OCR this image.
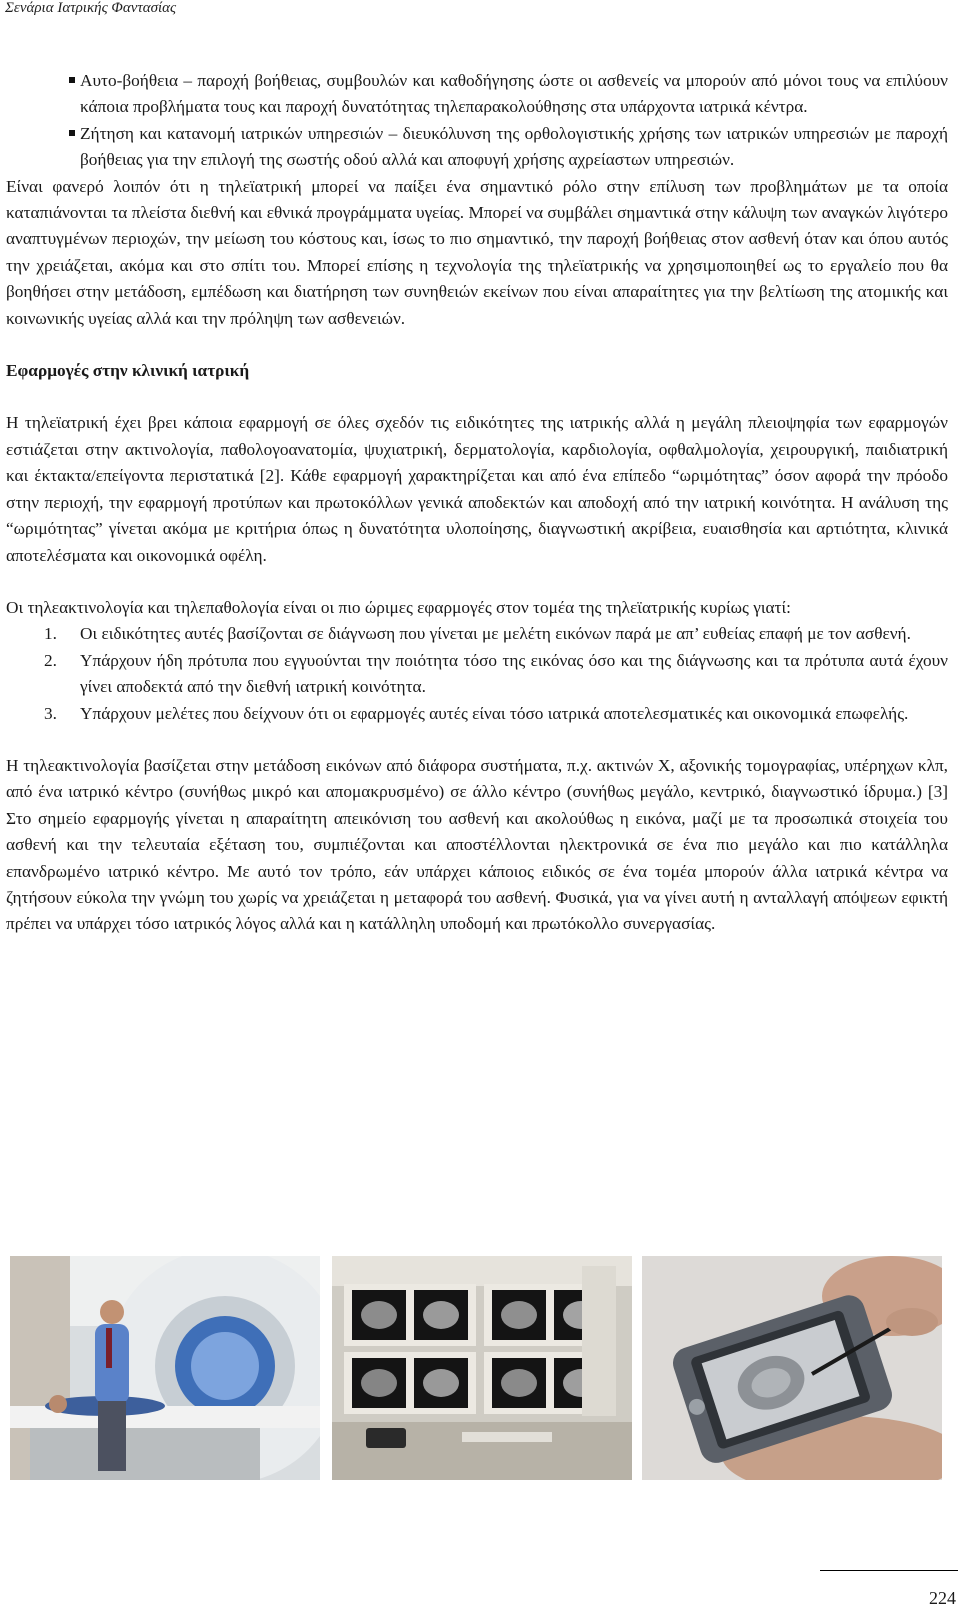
Σενάρια Ιατρικής Φαντασίας
Αυτο-βοήθεια – παροχή βοήθειας, συμβουλών και καθοδήγησης ώστε οι ασθενείς να μπορούν από μόνοι τους να επιλύουν κάποια προβλήματα τους και παροχή δυνατότητας τηλεπαρακολούθησης στα υπάρχοντα ιατρικά κέντρα.
Ζήτηση και κατανομή ιατρικών υπηρεσιών – διευκόλυνση της ορθολογιστικής χρήσης των ιατρικών υπηρεσιών με παροχή βοήθειας για την επιλογή της σωστής οδού αλλά και αποφυγή χρήσης αχρείαστων υπηρεσιών.

Είναι φανερό λοιπόν ότι η τηλεϊατρική μπορεί να παίξει ένα σημαντικό ρόλο στην επίλυση των προβλημάτων με τα οποία καταπιάνονται τα πλείστα διεθνή και εθνικά προγράμματα υγείας. Μπορεί να συμβάλει σημαντικά στην κάλυψη των αναγκών λιγότερο αναπτυγμένων περιοχών, την μείωση του κόστους και, ίσως το πιο σημαντικό, την παροχή βοήθειας στον ασθενή όταν και όπου αυτός την χρειάζεται, ακόμα και στο σπίτι του. Μπορεί επίσης η τεχνολογία της τηλεϊατρικής να χρησιμοποιηθεί ως το εργαλείο που θα βοηθήσει στην μετάδοση, εμπέδωση και διατήρηση των συνηθειών εκείνων που είναι απαραίτητες για την βελτίωση της ατομικής και κοινωνικής υγείας αλλά και την πρόληψη των ασθενειών.

Εφαρμογές στην κλινική ιατρική

Η τηλεϊατρική έχει βρει κάποια εφαρμογή σε όλες σχεδόν τις ειδικότητες της ιατρικής αλλά η μεγάλη πλειοψηφία των εφαρμογών εστιάζεται στην ακτινολογία, παθολογοανατομία, ψυχιατρική, δερματολογία, καρδιολογία, οφθαλμολογία, χειρουργική, παιδιατρική και έκτακτα/επείγοντα περιστατικά [2]. Κάθε εφαρμογή χαρακτηρίζεται και από ένα επίπεδο “ωριμότητας” όσον αφορά την πρόοδο στην περιοχή, την εφαρμογή προτύπων και πρωτοκόλλων γενικά αποδεκτών και αποδοχή από την ιατρική κοινότητα. Η ανάλυση της “ωριμότητας” γίνεται ακόμα με κριτήρια όπως η δυνατότητα υλοποίησης, διαγνωστική ακρίβεια, ευαισθησία και αρτιότητα, κλινικά αποτελέσματα και οικονομικά οφέλη.

Οι τηλεακτινολογία και τηλεπαθολογία είναι οι πιο ώριμες εφαρμογές στον τομέα της τηλεϊατρικής κυρίως γιατί:

1. Οι ειδικότητες αυτές βασίζονται σε διάγνωση που γίνεται με μελέτη εικόνων παρά με απ’ ευθείας επαφή με τον ασθενή.
2. Υπάρχουν ήδη πρότυπα που εγγυούνται την ποιότητα τόσο της εικόνας όσο και της διάγνωσης και τα πρότυπα αυτά έχουν γίνει αποδεκτά από την διεθνή ιατρική κοινότητα.
3. Υπάρχουν μελέτες που δείχνουν ότι οι εφαρμογές αυτές είναι τόσο ιατρικά αποτελεσματικές και οικονομικά επωφελής.

Η τηλεακτινολογία βασίζεται στην μετάδοση εικόνων από διάφορα συστήματα, π.χ. ακτινών Χ, αξονικής τομογραφίας, υπέρηχων κλπ, από ένα ιατρικό κέντρο (συνήθως μικρό και απομακρυσμένο) σε άλλο κέντρο (συνήθως μεγάλο, κεντρικό, διαγνωστικό ίδρυμα.) [3] Στο σημείο εφαρμογής γίνεται η απαραίτητη απεικόνιση του ασθενή και ακολούθως η εικόνα, μαζί με τα προσωπικά στοιχεία του ασθενή και την τελευταία εξέταση του, συμπιέζονται και αποστέλλονται ηλεκτρονικά σε ένα πιο μεγάλο και πιο κατάλληλα επανδρωμένο ιατρικό κέντρο. Με αυτό τον τρόπο, εάν υπάρχει κάποιος ειδικός σε ένα τομέα μπορούν άλλα ιατρικά κέντρα να ζητήσουν εύκολα την γνώμη του χωρίς να χρειάζεται η μεταφορά του ασθενή. Φυσικά, για να γίνει αυτή η ανταλλαγή απόψεων εφικτή πρέπει να υπάρχει τόσο ιατρικός λόγος αλλά και η κατάλληλη υποδομή και πρωτόκολλο συνεργασίας.

224
